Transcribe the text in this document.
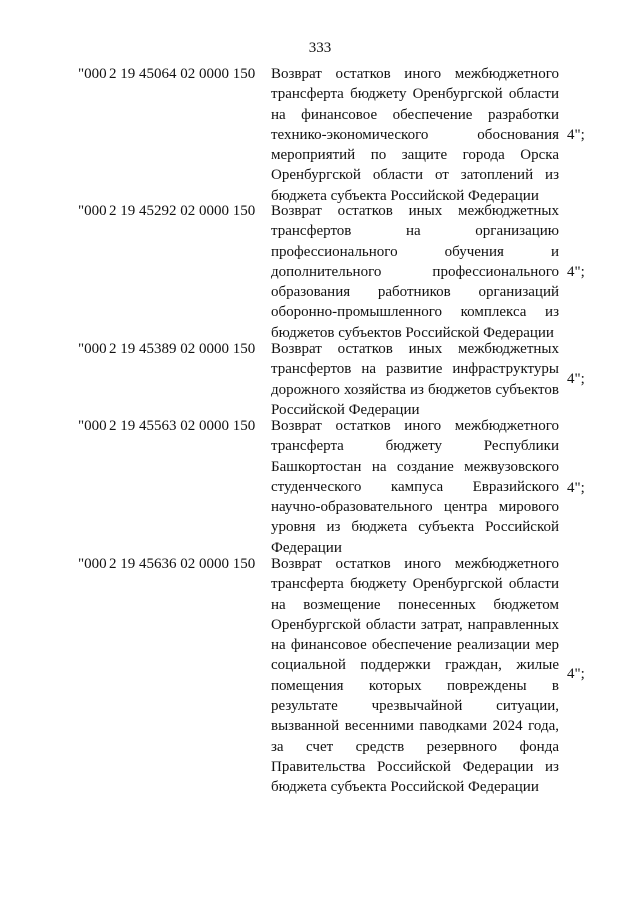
333
"000 2 19 45064 02 0000 150 Возврат остатков иного межбюджетного трансферта бюджету Оренбургской области на финансовое обеспечение разработки технико-экономического обоснования мероприятий по защите города Орска Оренбургской области от затоплений из бюджета субъекта Российской Федерации
4";
"000 2 19 45292 02 0000 150 Возврат остатков иных межбюджетных трансфертов на организацию профессионального обучения и дополнительного профессионального образования работников организаций оборонно-промышленного комплекса из бюджетов субъектов Российской Федерации
4";
"000 2 19 45389 02 0000 150 Возврат остатков иных межбюджетных трансфертов на развитие инфраструктуры дорожного хозяйства из бюджетов субъектов Российской Федерации
4";
"000 2 19 45563 02 0000 150 Возврат остатков иного межбюджетного трансферта бюджету Республики Башкортостан на создание межвузовского студенческого кампуса Евразийского научно-образовательного центра мирового уровня из бюджета субъекта Российской Федерации
4";
"000 2 19 45636 02 0000 150 Возврат остатков иного межбюджетного трансферта бюджету Оренбургской области на возмещение понесенных бюджетом Оренбургской области затрат, направленных на финансовое обеспечение реализации мер социальной поддержки граждан, жилые помещения которых повреждены в результате чрезвычайной ситуации, вызванной весенними паводками 2024 года, за счет средств резервного фонда Правительства Российской Федерации из бюджета субъекта Российской Федерации
4";
